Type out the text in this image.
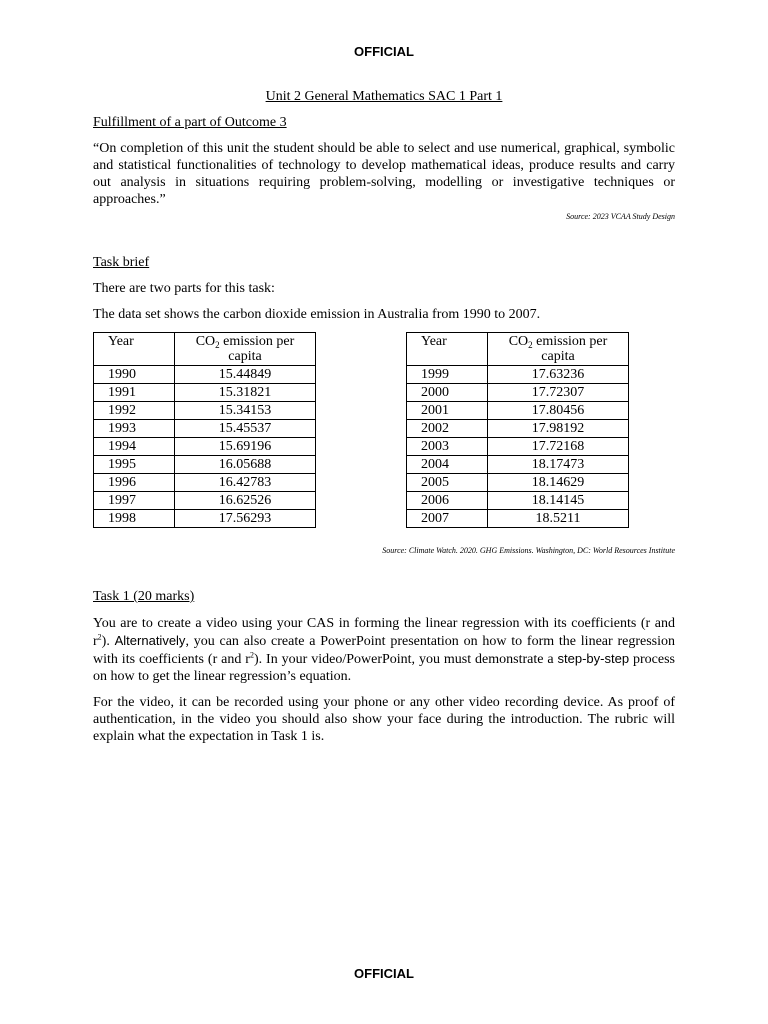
OFFICIAL

Unit 2 General Mathematics SAC 1 Part 1

Fulfillment of a part of Outcome 3

“On completion of this unit the student should be able to select and use numerical, graphical, symbolic and statistical functionalities of technology to develop mathematical ideas, produce results and carry out analysis in situations requiring problem-solving, modelling or investigative techniques or approaches.”

Source: 2023 VCAA Study Design

Task brief

There are two parts for this task:

The data set shows the carbon dioxide emission in Australia from 1990 to 2007.

Year	$CO_2$ emission per capita
1990	15.44849
1991	15.31821
1992	15.34153
1993	15.45537
1994	15.69196
1995	16.05688
1996	16.42783
1997	16.62526
1998	17.56293
Year	$CO_2$ emission per capita
1999	17.63236
2000	17.72307
2001	17.80456
2002	17.98192
2003	17.72168
2004	18.17473
2005	18.14629
2006	18.14145
2007	18.5211
Source: Climate Watch. 2020. GHG Emissions. Washington, DC: World Resources Institute

Task 1 (20 marks)

You are to create a video using your CAS in forming the linear regression with its coefficients (r and $r^2$). Alternatively, you can also create a PowerPoint presentation on how to form the linear regression with its coefficients (r and $r^2$). In your video/PowerPoint, you must demonstrate a step-by-step process on how to get the linear regression’s equation.

For the video, it can be recorded using your phone or any other video recording device. As proof of authentication, in the video you should also show your face during the introduction. The rubric will explain what the expectation in Task 1 is.

OFFICIAL
